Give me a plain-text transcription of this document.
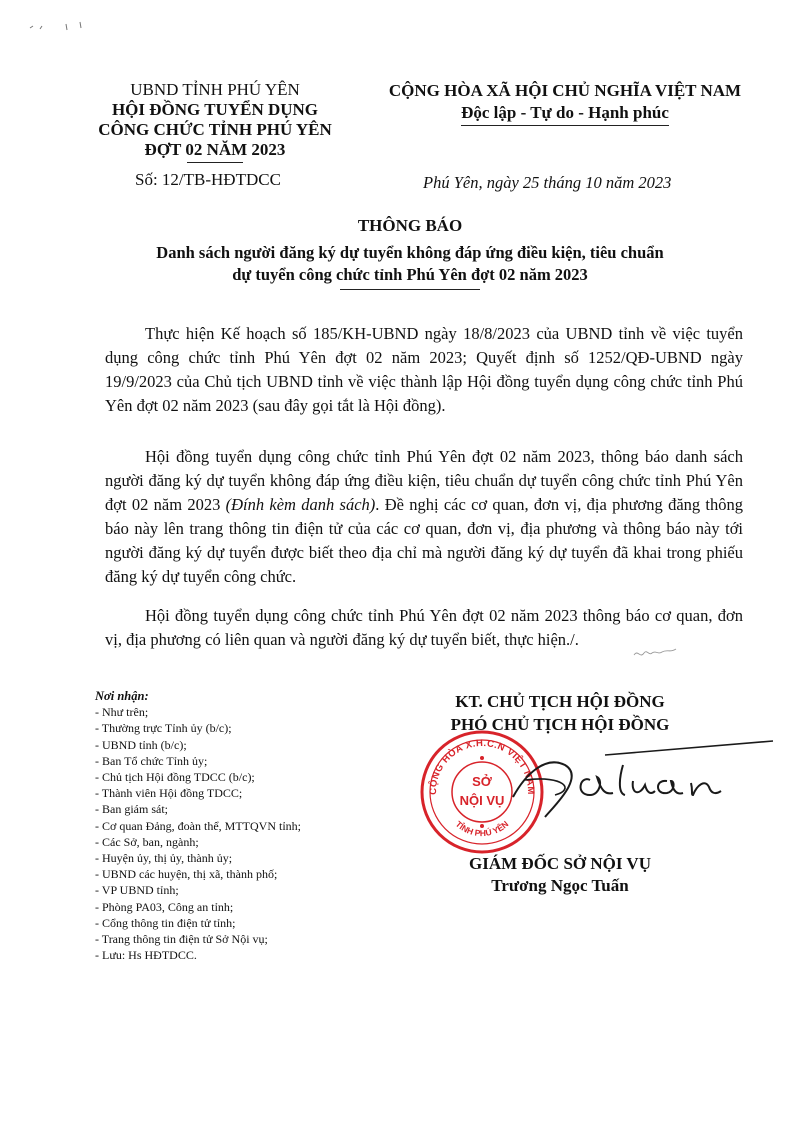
UBND TỈNH PHÚ YÊN
HỘI ĐỒNG TUYỂN DỤNG
CÔNG CHỨC TỈNH PHÚ YÊN
ĐỢT 02 NĂM 2023
Số: 12/TB-HĐTDCC
CỘNG HÒA XÃ HỘI CHỦ NGHĨA VIỆT NAM
Độc lập - Tự do - Hạnh phúc
Phú Yên, ngày 25 tháng 10 năm 2023
THÔNG BÁO
Danh sách người đăng ký dự tuyển không đáp ứng điều kiện, tiêu chuẩn
dự tuyển công chức tỉnh Phú Yên đợt 02 năm 2023
Thực hiện Kế hoạch số 185/KH-UBND ngày 18/8/2023 của UBND tỉnh về việc tuyển dụng công chức tỉnh Phú Yên đợt 02 năm 2023; Quyết định số 1252/QĐ-UBND ngày 19/9/2023 của Chủ tịch UBND tỉnh về việc thành lập Hội đồng tuyển dụng công chức tỉnh Phú Yên đợt 02 năm 2023 (sau đây gọi tắt là Hội đồng).
Hội đồng tuyển dụng công chức tỉnh Phú Yên đợt 02 năm 2023, thông báo danh sách người đăng ký dự tuyển không đáp ứng điều kiện, tiêu chuẩn dự tuyển công chức tỉnh Phú Yên đợt 02 năm 2023 (Đính kèm danh sách). Đề nghị các cơ quan, đơn vị, địa phương đăng thông báo này lên trang thông tin điện tử của các cơ quan, đơn vị, địa phương và thông báo này tới người đăng ký dự tuyển được biết theo địa chỉ mà người đăng ký dự tuyển đã khai trong phiếu đăng ký dự tuyển công chức.
Hội đồng tuyển dụng công chức tỉnh Phú Yên đợt 02 năm 2023 thông báo cơ quan, đơn vị, địa phương có liên quan và người đăng ký dự tuyển biết, thực hiện./.
Nơi nhận:
- Như trên;
- Thường trực Tỉnh ủy (b/c);
- UBND tỉnh (b/c);
- Ban Tổ chức Tỉnh ủy;
- Chủ tịch Hội đồng TDCC (b/c);
- Thành viên Hội đồng TDCC;
- Ban giám sát;
- Cơ quan Đảng, đoàn thể, MTTQVN tỉnh;
- Các Sở, ban, ngành;
- Huyện ủy, thị ủy, thành ủy;
- UBND các huyện, thị xã, thành phố;
- VP UBND tỉnh;
- Phòng PA03, Công an tỉnh;
- Cổng thông tin điện tử tỉnh;
- Trang thông tin điện tử Sở Nội vụ;
- Lưu: Hs HĐTDCC.
KT. CHỦ TỊCH HỘI ĐỒNG
PHÓ CHỦ TỊCH HỘI ĐỒNG
CỘNG HÒA X.H.C.N VIỆT NAM
TỈNH PHÚ YÊN
SỞ
NỘI VỤ
GIÁM ĐỐC SỞ NỘI VỤ
Trương Ngọc Tuấn
